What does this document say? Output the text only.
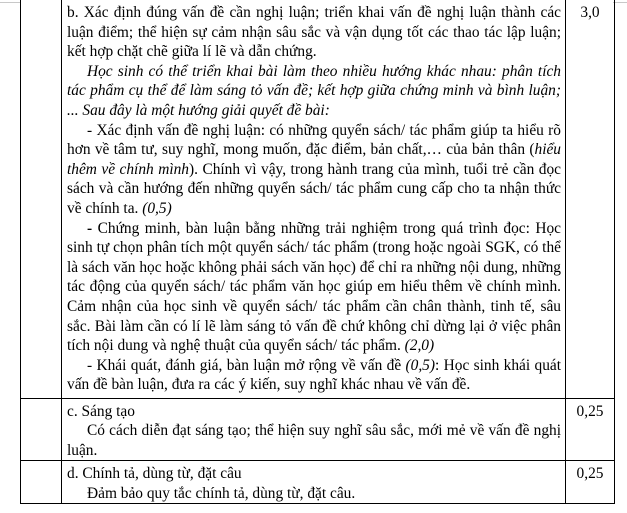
	b. Xác định đúng vấn đề cần nghị luận; triển khai vấn đề nghị luận thành các luận điểm; thể hiện sự cảm nhận sâu sắc và vận dụng tốt các thao tác lập luận; kết hợp chặt chẽ giữa lí lẽ và dẫn chứng.

Học sinh có thể triển khai bài làm theo nhiều hướng khác nhau: phân tích tác phẩm cụ thể để làm sáng tỏ vấn đề; kết hợp giữa chứng minh và bình luận; ... Sau đây là một hướng giải quyết đề bài:

- Xác định vấn đề nghị luận: có những quyển sách/ tác phẩm giúp ta hiểu rõ hơn về tâm tư, suy nghĩ, mong muốn, đặc điểm, bản chất,… của bản thân (hiểu thêm về chính mình). Chính vì vậy, trong hành trang của mình, tuổi trẻ cần đọc sách và cần hướng đến những quyển sách/ tác phẩm cung cấp cho ta nhận thức về chính ta. (0,5)

- Chứng minh, bàn luận bằng những trải nghiệm trong quá trình đọc: Học sinh tự chọn phân tích một quyển sách/ tác phẩm (trong hoặc ngoài SGK, có thể là sách văn học hoặc không phải sách văn học) để chỉ ra những nội dung, những tác động của quyển sách/ tác phẩm văn học giúp em hiểu thêm về chính mình. Cảm nhận của học sinh về quyển sách/ tác phẩm cần chân thành, tinh tế, sâu sắc. Bài làm cần có lí lẽ làm sáng tỏ vấn đề chứ không chỉ dừng lại ở việc phân tích nội dung và nghệ thuật của quyển sách/ tác phẩm. (2,0)

- Khái quát, đánh giá, bàn luận mở rộng về vấn đề (0,5): Học sinh khái quát vấn đề bàn luận, đưa ra các ý kiến, suy nghĩ khác nhau về vấn đề.	3,0

	c. Sáng tạo

Có cách diễn đạt sáng tạo; thể hiện suy nghĩ sâu sắc, mới mẻ về vấn đề nghị luận.	0,25

	d. Chính tả, dùng từ, đặt câu

Đảm bảo quy tắc chính tả, dùng từ, đặt câu.	0,25
